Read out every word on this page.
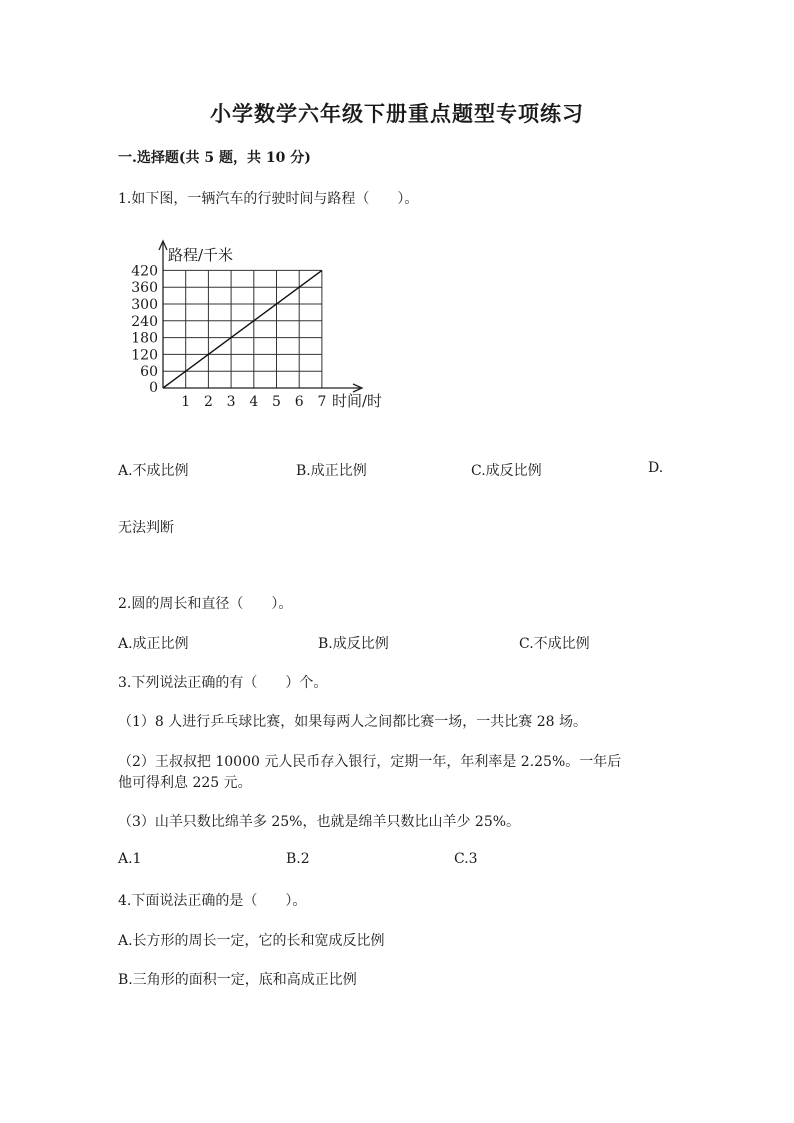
小学数学六年级下册重点题型专项练习
一.选择题(共 5 题，共 10 分)
1.如下图，一辆汽车的行驶时间与路程（　　）。
0
60
120
180
240
300
360
420
1 2 3 4 5 6 7
路程/千米
时间/时
A.不成比例	B.成正比例	C.成反比例	D.
无法判断
2.圆的周长和直径（　　）。
A.成正比例	B.成反比例	C.不成比例
3.下列说法正确的有（　　）个。
（1）8 人进行乒乓球比赛，如果每两人之间都比赛一场，一共比赛 28 场。
（2）王叔叔把 10000 元人民币存入银行，定期一年，年利率是 2.25%。一年后
他可得利息 225 元。
（3）山羊只数比绵羊多 25%，也就是绵羊只数比山羊少 25%。
A.1	B.2	C.3
4.下面说法正确的是（　　）。
A.长方形的周长一定，它的长和宽成反比例
B.三角形的面积一定，底和高成正比例
